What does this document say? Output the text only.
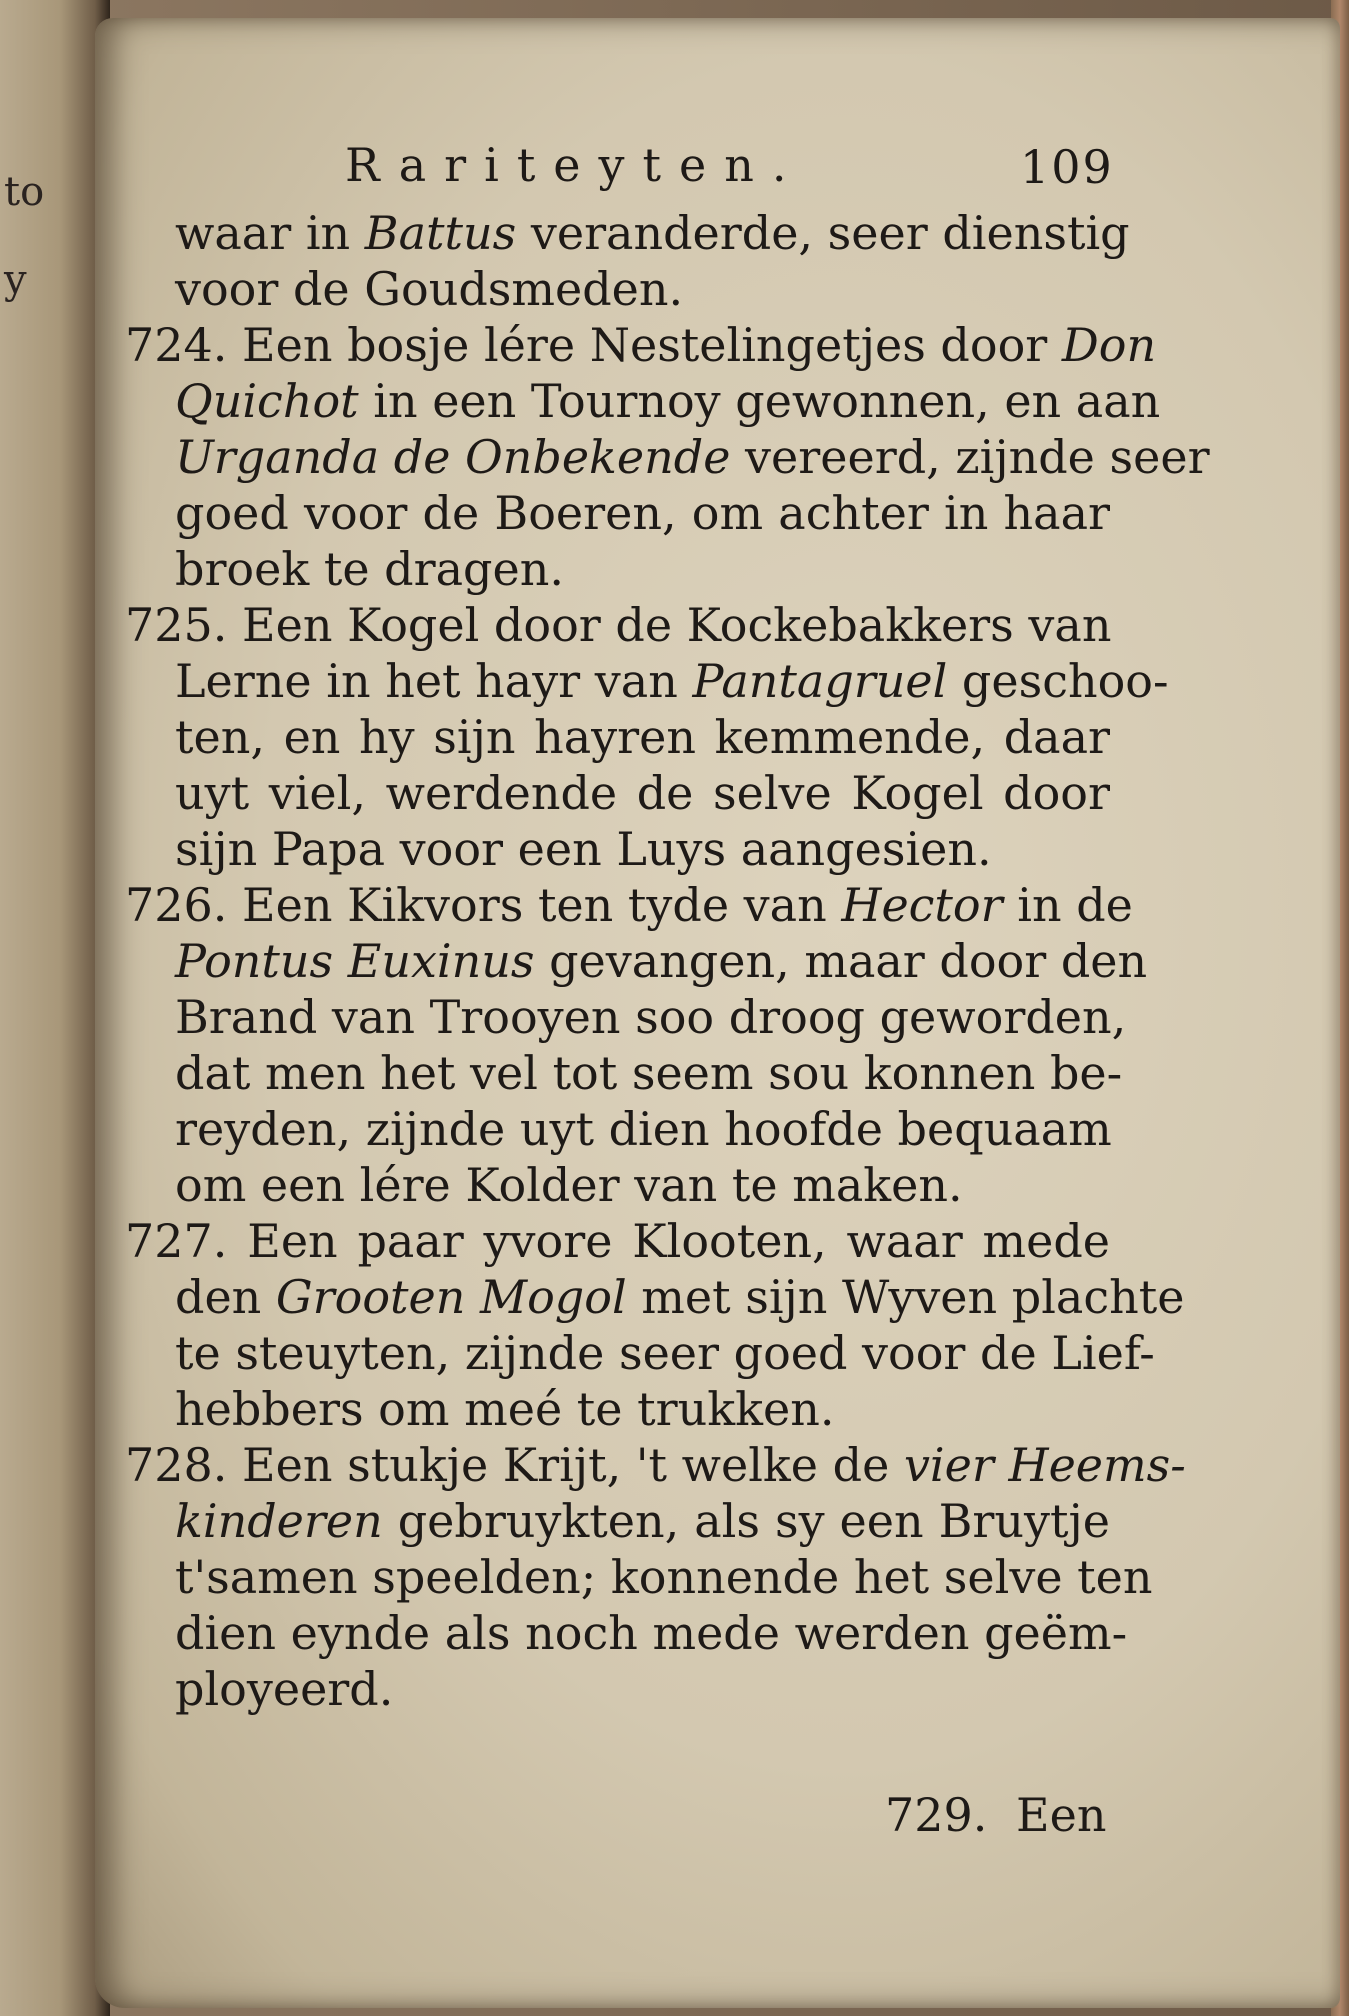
to
y
Rariteyten.	109
waar in Battus veranderde, seer dienstig
voor de Goudsmeden.
724. Een bosje lére Nestelingetjes door Don
Quichot in een Tournoy gewonnen, en aan
Urganda de Onbekende vereerd, zijnde seer
goed voor de Boeren, om achter in haar
broek te dragen.
725. Een Kogel door de Kockebakkers van
Lerne in het hayr van Pantagruel geschoo-
ten, en hy sijn hayren kemmende, daar
uyt viel, werdende de selve Kogel door
sijn Papa voor een Luys aangesien.
726. Een Kikvors ten tyde van Hector in de
Pontus Euxinus gevangen, maar door den
Brand van Trooyen soo droog geworden,
dat men het vel tot seem sou konnen be-
reyden, zijnde uyt dien hoofde bequaam
om een lére Kolder van te maken.
727. Een paar yvore Klooten, waar mede
den Grooten Mogol met sijn Wyven plachte
te steuyten, zijnde seer goed voor de Lief-
hebbers om meé te trukken.
728. Een stukje Krijt, 't welke de vier Heems-
kinderen gebruykten, als sy een Bruytje
t'samen speelden; konnende het selve ten
dien eynde als noch mede werden geëm-
ployeerd.
729. Een
